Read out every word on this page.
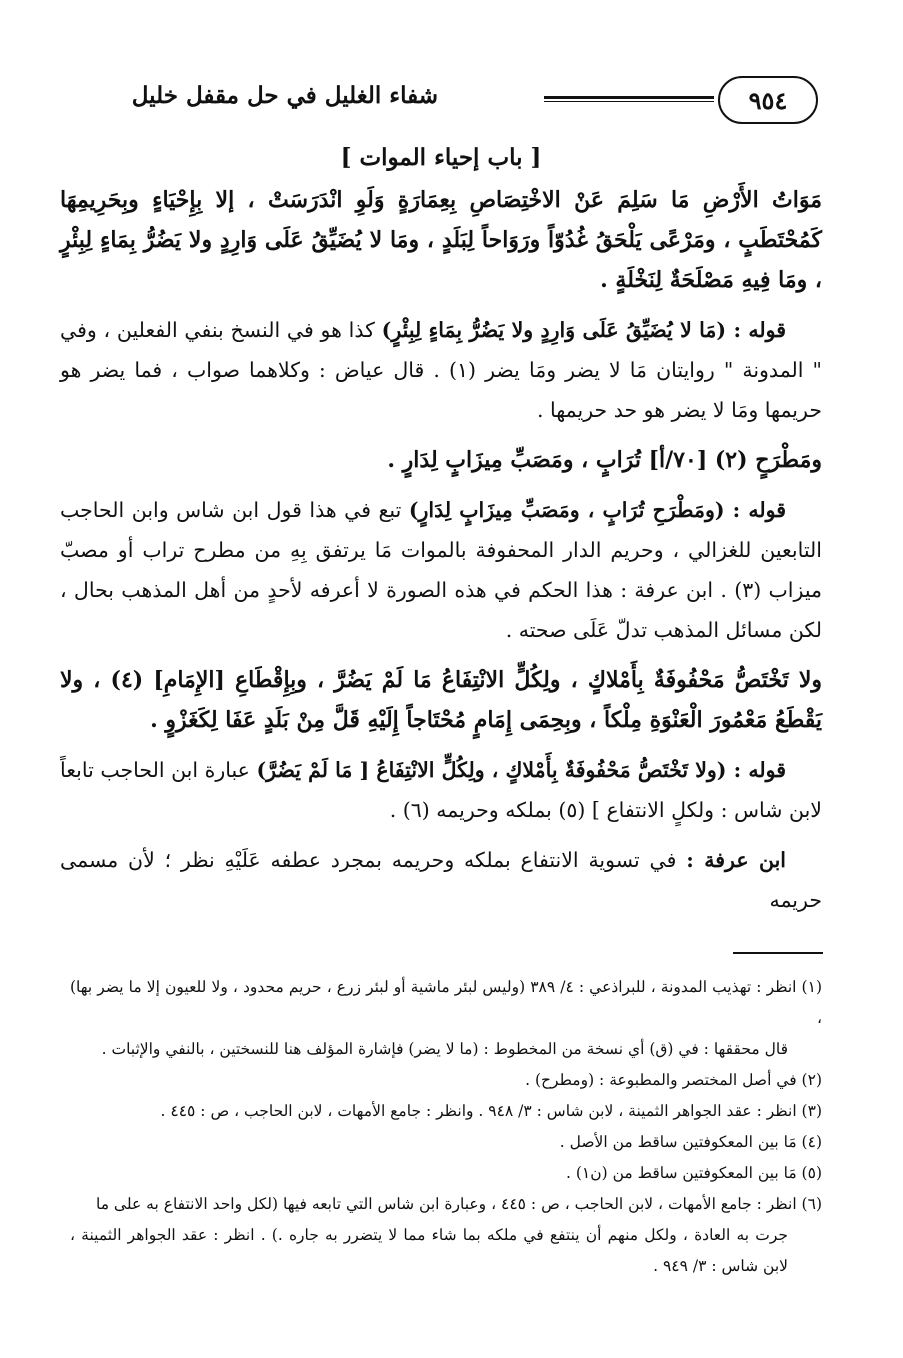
٩٥٤
شفاء الغليل في حل مقفل خليل
[ باب إحياء الموات ]

مَوَاتُ الأَرْضِ مَا سَلِمَ عَنْ الاخْتِصَاصِ بِعِمَارَةٍ وَلَوِ انْدَرَسَتْ ، إلا بِإِحْيَاءٍ وبِحَرِيمِهَا كَمُحْتَطَبٍ ، ومَرْعًى يَلْحَقُ غُدُوّاً ورَوَاحاً لِبَلَدٍ ، ومَا لا يُضَيِّقُ عَلَى وَارِدٍ ولا يَضُرُّ بِمَاءٍ لِبِئْرٍ ، ومَا فِيهِ مَصْلَحَةٌ لِنَخْلَةٍ .

قوله : (مَا لا يُضَيِّقُ عَلَى وَارِدٍ ولا يَضُرُّ بِمَاءٍ لِبِئْرٍ) كذا هو في النسخ بنفي الفعلين ، وفي " المدونة " روايتان مَا لا يضر ومَا يضر (١) . قال عياض : وكلاهما صواب ، فما يضر هو حريمها ومَا لا يضر هو حد حريمها .

ومَطْرَحٍ (٢) [٧٠/أ] تُرَابٍ ، ومَصَبِّ مِيزَابٍ لِدَارٍ .

قوله : (ومَطْرَحِ تُرَابٍ ، ومَصَبِّ مِيزَابٍ لِدَارٍ) تبع في هذا قول ابن شاس وابن الحاجب التابعين للغزالي ، وحريم الدار المحفوفة بالموات مَا يرتفق بِهِ من مطرح تراب أو مصبّ ميزاب (٣) . ابن عرفة : هذا الحكم في هذه الصورة لا أعرفه لأحدٍ من أهل المذهب بحال ، لكن مسائل المذهب تدلّ عَلَى صحته .

ولا تَخْتَصُّ مَحْفُوفَةٌ بِأَمْلاكٍ ، ولِكُلٍّ الانْتِفَاعُ مَا لَمْ يَضُرَّ ، وبِإِقْطَاعِ [الإِمَامِ] (٤) ، ولا يَقْطَعُ مَعْمُورَ الْعَنْوَةِ مِلْكاً ، وبِحِمَى إِمَامٍ مُحْتَاجاً إِلَيْهِ قَلَّ مِنْ بَلَدٍ عَفَا لِكَغَزْوٍ .

قوله : (ولا تَخْتَصُّ مَحْفُوفَةٌ بِأَمْلاكٍ ، ولِكُلٍّ الانْتِفَاعُ [ مَا لَمْ يَضُرَّ) عبارة ابن الحاجب تابعاً لابن شاس : ولكلٍ الانتفاع ] (٥) بملكه وحريمه (٦) .

ابن عرفة : في تسوية الانتفاع بملكه وحريمه بمجرد عطفه عَلَيْهِ نظر ؛ لأن مسمى حريمه

(١) انظر : تهذيب المدونة ، للبراذعي : ٤/ ٣٨٩ (وليس لبئر ماشية أو لبئر زرع ، حريم محدود ، ولا للعيون إلا ما يضر بها) ،

قال محققها : في (ق) أي نسخة من المخطوط : (ما لا يضر) فإشارة المؤلف هنا للنسختين ، بالنفي والإثبات .

(٢) في أصل المختصر والمطبوعة : (ومطرح) .

(٣) انظر : عقد الجواهر الثمينة ، لابن شاس : ٣/ ٩٤٨ . وانظر : جامع الأمهات ، لابن الحاجب ، ص : ٤٤٥ .

(٤) مَا بين المعكوفتين ساقط من الأصل .

(٥) مَا بين المعكوفتين ساقط من (ن١) .

(٦) انظر : جامع الأمهات ، لابن الحاجب ، ص : ٤٤٥ ، وعبارة ابن شاس التي تابعه فيها (لكل واحد الانتفاع به على ما

جرت به العادة ، ولكل منهم أن ينتفع في ملكه بما شاء مما لا يتضرر به جاره .) . انظر : عقد الجواهر الثمينة ، لابن شاس : ٣/ ٩٤٩ .
